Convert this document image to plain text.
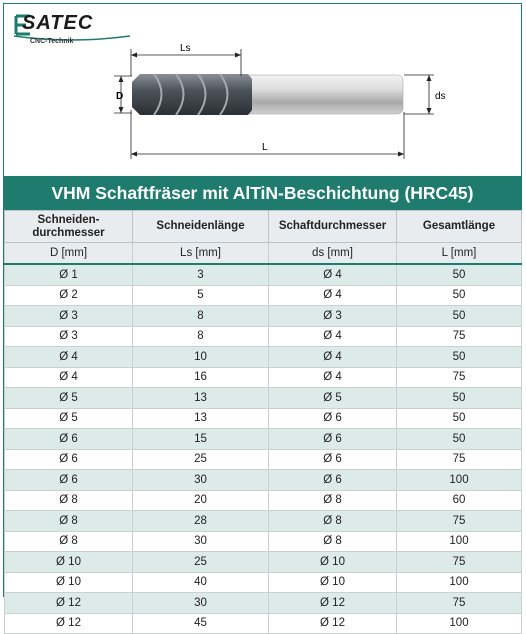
SATEC
CNC-Technik
Ls
D	ds
L
VHM Schaftfräser mit AlTiN-Beschichtung (HRC45)
Schneiden-
durchmesser	Schneidenlänge	Schaftdurchmesser	Gesamtlänge
D [mm]	Ls [mm]	ds [mm]	L [mm]
Ø 1	3	Ø 4	50
Ø 2	5	Ø 4	50
Ø 3	8	Ø 3	50
Ø 3	8	Ø 4	75
Ø 4	10	Ø 4	50
Ø 4	16	Ø 4	75
Ø 5	13	Ø 5	50
Ø 5	13	Ø 6	50
Ø 6	15	Ø 6	50
Ø 6	25	Ø 6	75
Ø 6	30	Ø 6	100
Ø 8	20	Ø 8	60
Ø 8	28	Ø 8	75
Ø 8	30	Ø 8	100
Ø 10	25	Ø 10	75
Ø 10	40	Ø 10	100
Ø 12	30	Ø 12	75
Ø 12	45	Ø 12	100
